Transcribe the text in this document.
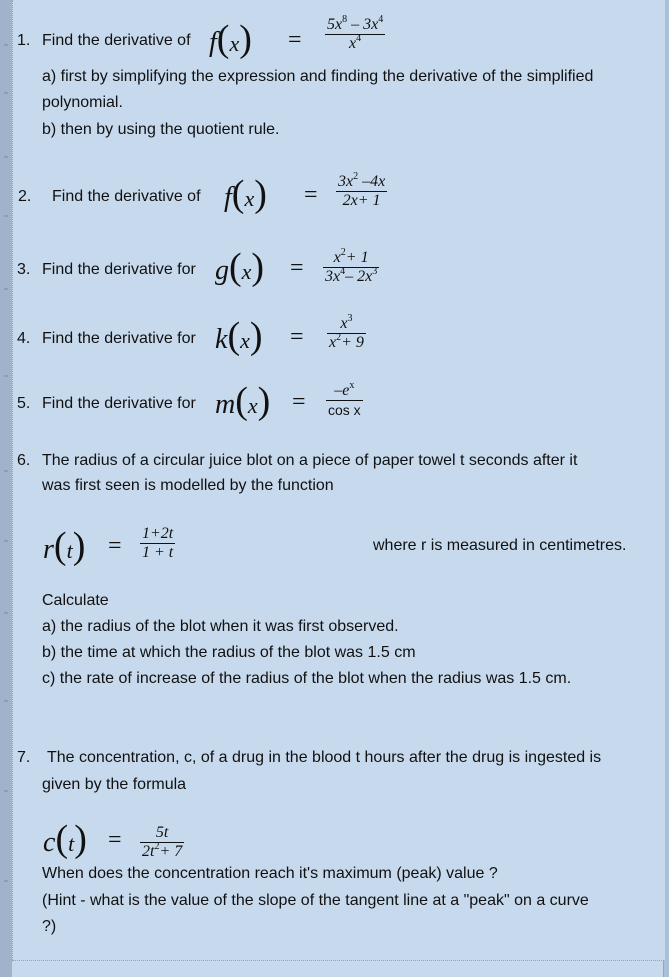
1. Find the derivative of f(x) =
$5x^8 - 3x^4$
$x^4$
a) first by simplifying the expression and finding the derivative of the simplified
polynomial.
b) then by using the quotient rule.
2. Find the derivative of f(x) =
$3x^2$ –4x
2x+ 1
3. Find the derivative for g(x) =	$x^2+ 1$
$3x^4-$ $2x^3$
4. Find the derivative for k(x) =
$x^3$
$x^2+ 9$
5. Find the derivative for m(x) =	$-e^x$
cos x
6. The radius of a circular juice blot on a piece of paper towel t seconds after it
was first seen is modelled by the function
r(t) = 1+2t
1 + t	where r is measured in centimetres.
Calculate
a) the radius of the blot when it was first observed.
b) the time at which the radius of the blot was 1.5 cm
c) the rate of increase of the radius of the blot when the radius was 1.5 cm.
7. The concentration, c, of a drug in the blood t hours after the drug is ingested is
given by the formula
c(t) =	5t
$2t^2+ 7$
When does the concentration reach it's maximum (peak) value ?
(Hint - what is the value of the slope of the tangent line at a "peak" on a curve
?)
